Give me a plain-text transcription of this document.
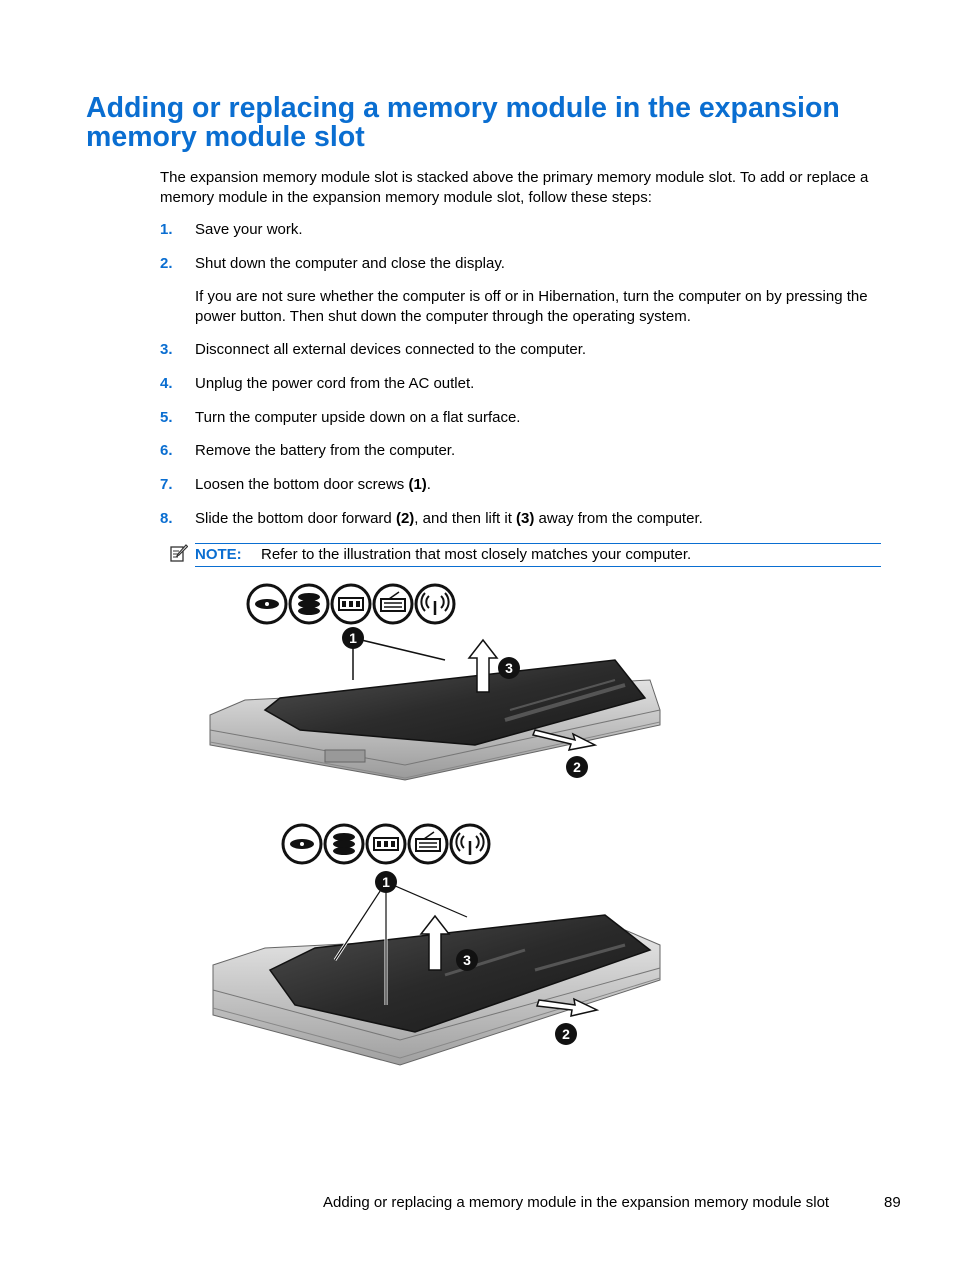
Adding or replacing a memory module in the expansion memory module slot

The expansion memory module slot is stacked above the primary memory module slot. To add or replace a memory module in the expansion memory module slot, follow these steps:

1. Save your work.
2. Shut down the computer and close the display.
If you are not sure whether the computer is off or in Hibernation, turn the computer on by pressing the power button. Then shut down the computer through the operating system.
3. Disconnect all external devices connected to the computer.
4. Unplug the power cord from the AC outlet.
5. Turn the computer upside down on a flat surface.
6. Remove the battery from the computer.
7. Loosen the bottom door screws (1).
8. Slide the bottom door forward (2), and then lift it (3) away from the computer.
NOTE: Refer to the illustration that most closely matches your computer.
1
3
2
1
3
2
Adding or replacing a memory module in the expansion memory module slot	89
